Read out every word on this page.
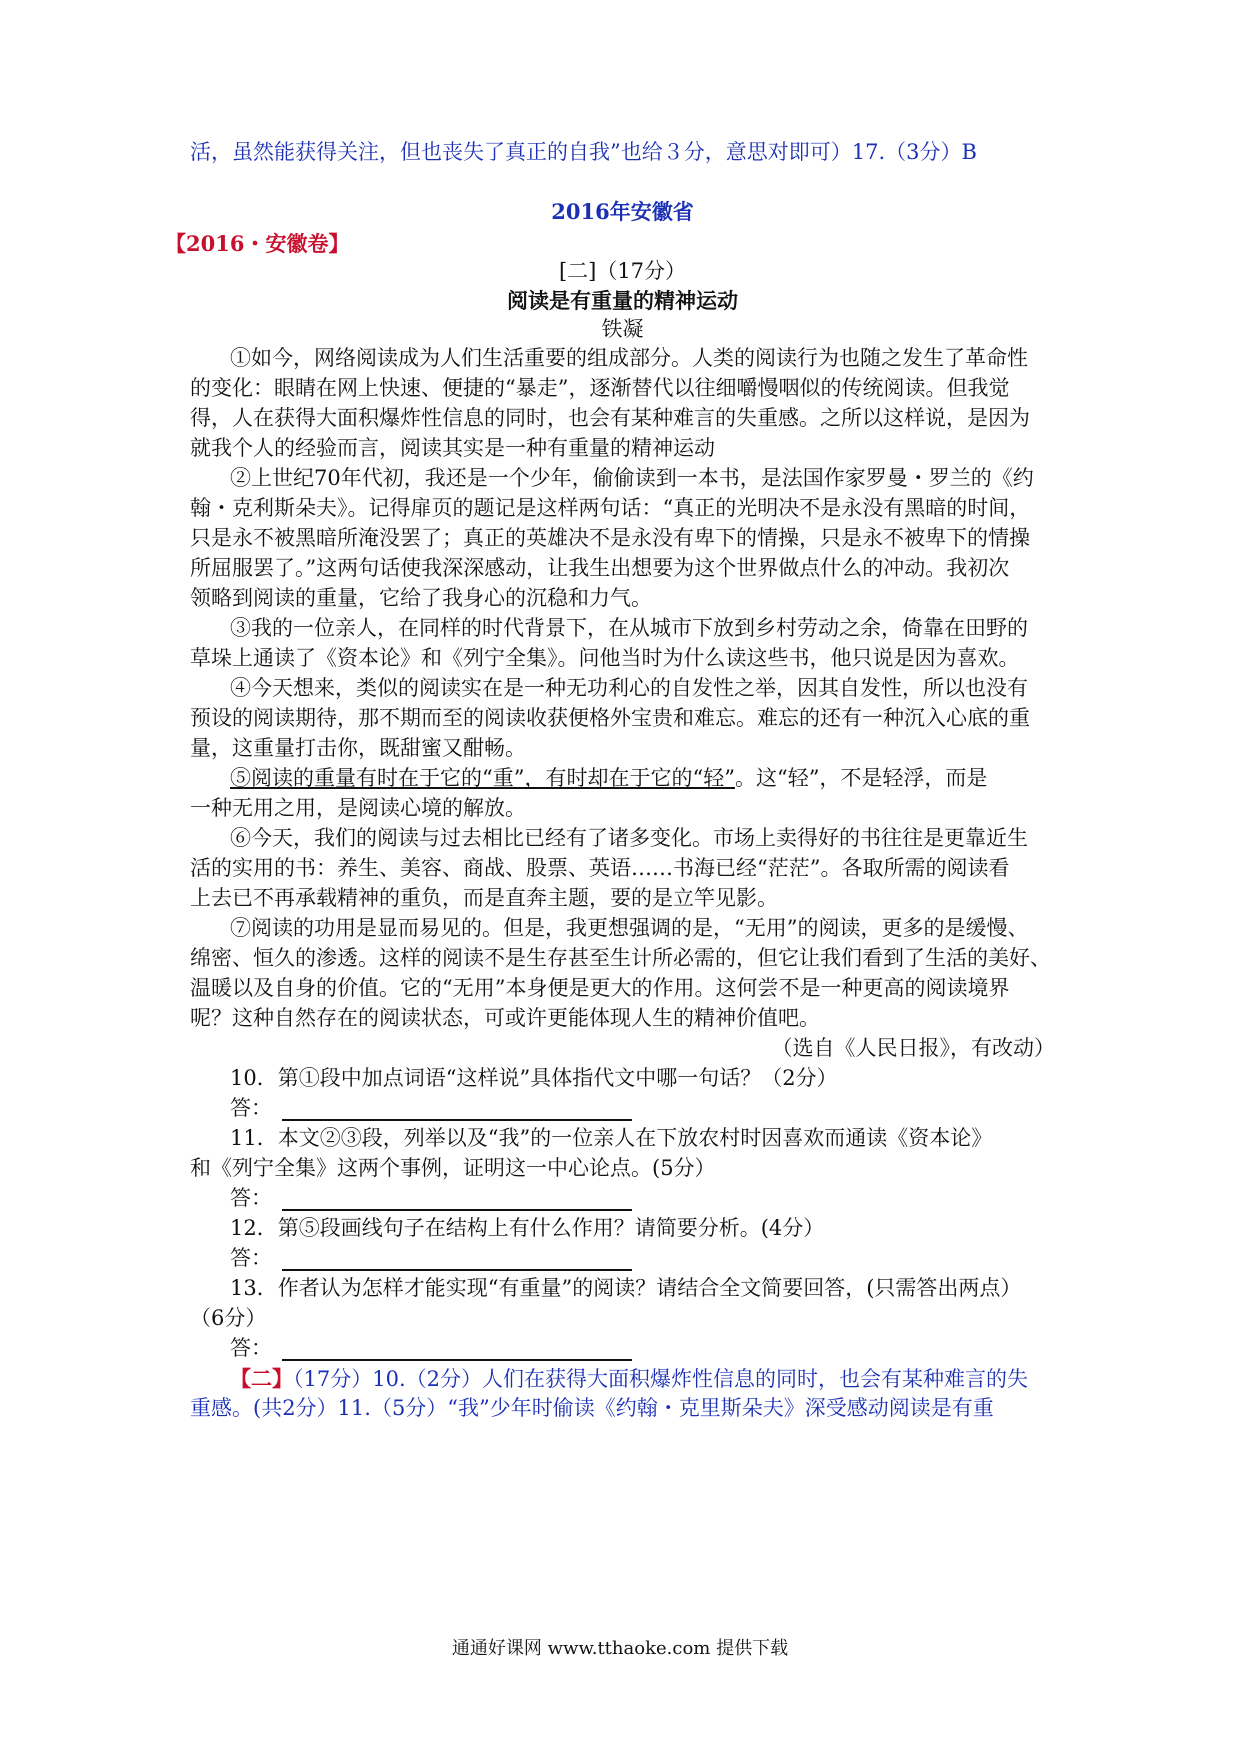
活，虽然能获得关注，但也丧失了真正的自我”也给３分，意思对即可）17.（3分）B
2016年安徽省
【2016・安徽卷】
[二]（17分）
阅读是有重量的精神运动
铁凝
①如今，网络阅读成为人们生活重要的组成部分。人类的阅读行为也随之发生了革命性
的变化：眼睛在网上快速、便捷的“暴走”，逐渐替代以往细嚼慢咽似的传统阅读。但我觉
得，人在获得大面积爆炸性信息的同时，也会有某种难言的失重感。之所以这样说，是因为
就我个人的经验而言，阅读其实是一种有重量的精神运动
②上世纪70年代初，我还是一个少年，偷偷读到一本书，是法国作家罗曼・罗兰的《约
翰・克利斯朵夫》。记得扉页的题记是这样两句话：“真正的光明决不是永没有黑暗的时间，
只是永不被黑暗所淹没罢了；真正的英雄决不是永没有卑下的情操，只是永不被卑下的情操
所屈服罢了。”这两句话使我深深感动，让我生出想要为这个世界做点什么的冲动。我初次
领略到阅读的重量，它给了我身心的沉稳和力气。
③我的一位亲人，在同样的时代背景下，在从城市下放到乡村劳动之余，倚靠在田野的
草垛上通读了《资本论》和《列宁全集》。问他当时为什么读这些书，他只说是因为喜欢。
④今天想来，类似的阅读实在是一种无功利心的自发性之举，因其自发性，所以也没有
预设的阅读期待，那不期而至的阅读收获便格外宝贵和难忘。难忘的还有一种沉入心底的重
量，这重量打击你，既甜蜜又酣畅。
⑤阅读的重量有时在于它的“重”，有时却在于它的“轻”。这“轻”，不是轻浮，而是
一种无用之用，是阅读心境的解放。
⑥今天，我们的阅读与过去相比已经有了诸多变化。市场上卖得好的书往往是更靠近生
活的实用的书：养生、美容、商战、股票、英语……书海已经“茫茫”。各取所需的阅读看
上去已不再承载精神的重负，而是直奔主题，要的是立竿见影。
⑦阅读的功用是显而易见的。但是，我更想强调的是，“无用”的阅读，更多的是缓慢、
绵密、恒久的渗透。这样的阅读不是生存甚至生计所必需的，但它让我们看到了生活的美好、
温暖以及自身的价值。它的“无用”本身便是更大的作用。这何尝不是一种更高的阅读境界
呢？这种自然存在的阅读状态，可或许更能体现人生的精神价值吧。
（选自《人民日报》，有改动）
10．第①段中加点词语“这样说”具体指代文中哪一句话？（2分）
答：
11．本文②③段，列举以及“我”的一位亲人在下放农村时因喜欢而通读《资本论》
和《列宁全集》这两个事例，证明这一中心论点。(5分）
答：
12．第⑤段画线句子在结构上有什么作用？请简要分析。(4分）
答：
13．作者认为怎样才能实现“有重量”的阅读？请结合全文简要回答，(只需答出两点）
（6分）
答：
【二】（17分）10.（2分）人们在获得大面积爆炸性信息的同时，也会有某种难言的失
重感。(共2分）11.（5分）“我”少年时偷读《约翰・克里斯朵夫》深受感动阅读是有重
通通好课网 www.tthaoke.com 提供下载
